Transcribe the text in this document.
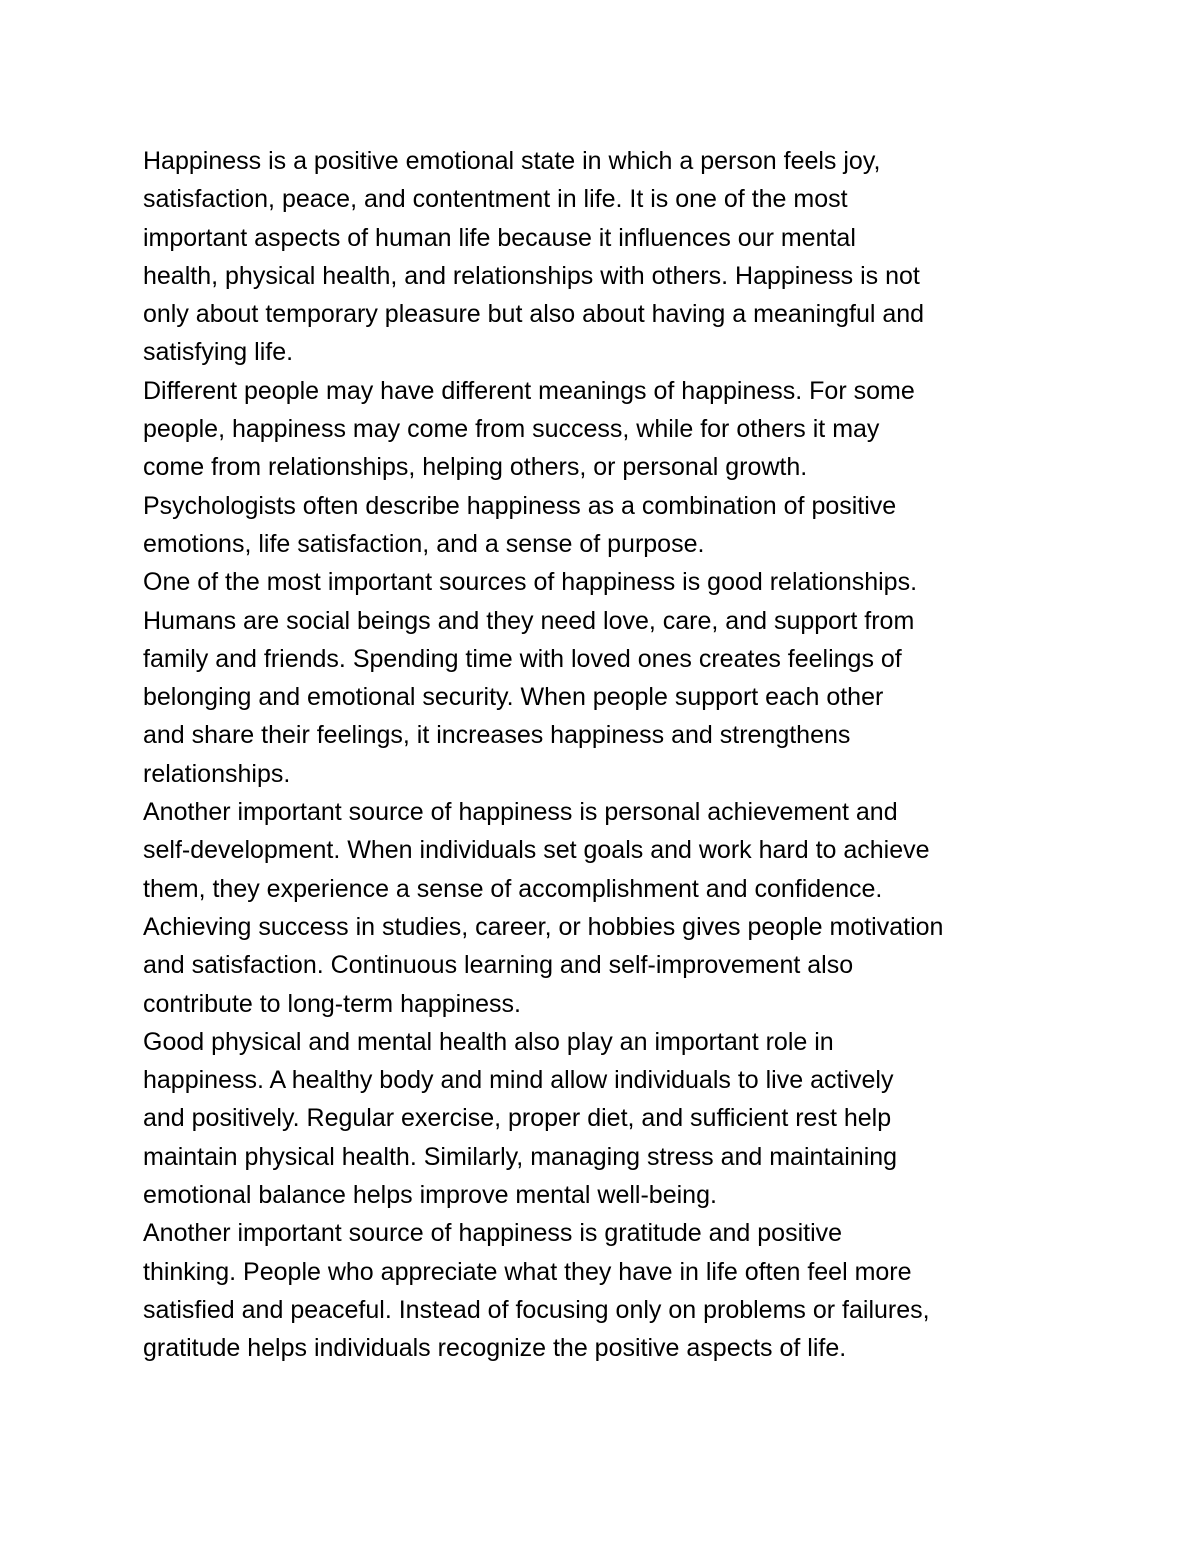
Happiness is a positive emotional state in which a person feels joy,
satisfaction, peace, and contentment in life. It is one of the most
important aspects of human life because it influences our mental
health, physical health, and relationships with others. Happiness is not
only about temporary pleasure but also about having a meaningful and
satisfying life.
Different people may have different meanings of happiness. For some
people, happiness may come from success, while for others it may
come from relationships, helping others, or personal growth.
Psychologists often describe happiness as a combination of positive
emotions, life satisfaction, and a sense of purpose.
One of the most important sources of happiness is good relationships.
Humans are social beings and they need love, care, and support from
family and friends. Spending time with loved ones creates feelings of
belonging and emotional security. When people support each other
and share their feelings, it increases happiness and strengthens
relationships.
Another important source of happiness is personal achievement and
self-development. When individuals set goals and work hard to achieve
them, they experience a sense of accomplishment and confidence.
Achieving success in studies, career, or hobbies gives people motivation
and satisfaction. Continuous learning and self-improvement also
contribute to long-term happiness.
Good physical and mental health also play an important role in
happiness. A healthy body and mind allow individuals to live actively
and positively. Regular exercise, proper diet, and sufficient rest help
maintain physical health. Similarly, managing stress and maintaining
emotional balance helps improve mental well-being.
Another important source of happiness is gratitude and positive
thinking. People who appreciate what they have in life often feel more
satisfied and peaceful. Instead of focusing only on problems or failures,
gratitude helps individuals recognize the positive aspects of life.
